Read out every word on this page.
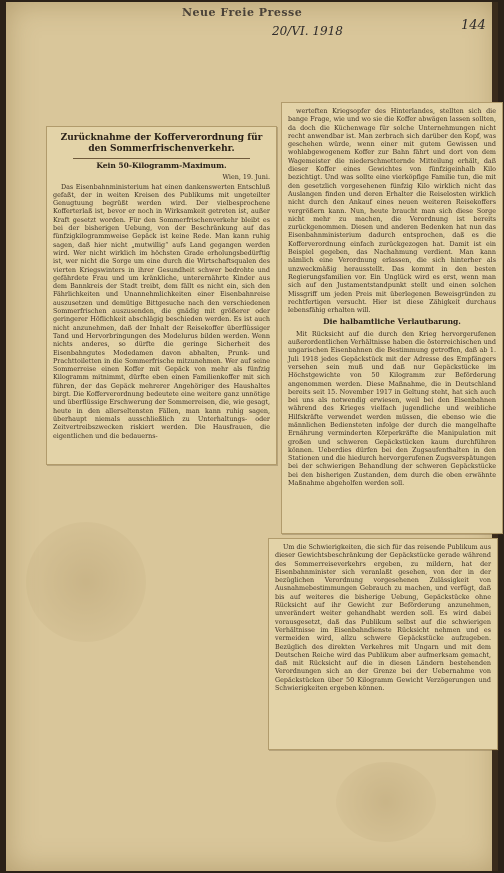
Neue Freie Presse
20/VI. 1918	144
Zurücknahme der Kofferverordnung für den Sommerfrischenverkehr.
Kein 50-Kilogramm-Maximum.
Wien, 19. Juni.

Das Eisenbahnministerium hat einen dankenswerten Entschluß gefaßt, der in weiten Kreisen des Publikums mit ungeteilter Genugtuung begrüßt werden wird. Der vielbesprochene Kofferterlaß ist, bevor er noch in Wirksamkeit getreten ist, außer Kraft gesetzt worden. Für den Sommerfrischenverkehr bleibt es bei der bisherigen Uebung, von der Beschränkung auf das fünfzigkilogrammweise Gepäck ist keine Rede. Man kann ruhig sagen, daß hier nicht „mutwillig“ aufs Land gegangen werden wird. Wer nicht wirklich im höchsten Grade erholungsbedürftig ist, wer nicht die Sorge um eine durch die Wirtschaftsqualen des vierten Kriegswinters in ihrer Gesundheit schwer bedrohte und gefährdete Frau und um kränkliche, unterernährte Kinder aus dem Bannkreis der Stadt treibt, dem fällt es nicht ein, sich den Fährlichkeiten und Unannehmlichkeiten einer Eisenbahnreise auszusetzen und demütige Bittgesuche nach den verschiedenen Sommerfrischen auszusenden, die gnädig mit größerer oder geringerer Höflichkeit abschlägig beschieden werden. Es ist auch nicht anzunehmen, daß der Inhalt der Reisekoffer überflüssiger Tand und Hervorbringungen des Modelurus bilden werden. Wenn nichts anderes, so dürfte die geringe Sicherheit des Eisenbahngutes Modedamen davon abhalten, Prunk- und Prachttoiletten in die Sommerfrische mitzunehmen. Wer auf seine Sommerreise einen Koffer mit Gepäck von mehr als fünfzig Kilogramm mitnimmt, dürfte eben einen Familienkoffer mit sich führen, der das Gepäck mehrerer Angehöriger des Haushaltes birgt. Die Kofferverordnung bedeutete eine weitere ganz unnötige und überflüssige Erschwerung der Sommerreisen, die, wie gesagt, heute in den allerseltensten Fällen, man kann ruhig sagen, überhaupt niemals ausschließlich zu Unterhaltungs- oder Zeitvertreibszwecken riskiert werden. Die Hausfrauen, die eigentlichen und die bedauerns-

werteften Kriegsopfer des Hinterlandes, stellten sich die bange Frage, wie und wo sie die Koffer abwägen lassen sollten, da doch die Küchenwage für solche Unternehmungen nicht recht anwendbar ist. Man zerbrach sich darüber den Kopf, was geschehen würde, wenn einer mit gutem Gewissen und wohlabgewogenem Koffer zur Bahn fährt und dort von dem Wagemeister die niederschmetternde Mitteilung erhält, daß dieser Koffer eines Gewichtes von fünfzigeinhalb Kilo bezichtigt. Und was sollte eine vierköpfige Familie tun, die mit den gesetzlich vorgesehenen fünfzig Kilo wirklich nicht das Auslangen finden und deren Erhalter die Reiselosten wirklich nicht durch den Ankauf eines neuen weiteren Reisekoffers vergrößern kann. Nun, heute braucht man sich diese Sorge nicht mehr zu machen, die Verordnung ist bereits zurückgenommen. Diesen und anderen Bedenken hat nun das Eisenbahnministerium dadurch entsprochen, daß es die Kofferverordnung einfach zurückgezogen hat. Damit ist ein Beispiel gegeben, das Nachahmung verdient. Man kann nämlich eine Verordnung erlassen, die sich hinterher als unzweckmäßig herausstellt. Das kommt in den besten Regierungsfamilien vor. Ein Unglück wird es erst, wenn man sich auf den Justamentstandpunkt stellt und einen solchen Missgriff um jeden Preis mit überlegenen Beweisgründen zu rechtfertigen versucht. Hier ist diese Zähigkeit durchaus lebensfähig erhalten will.

Die halbamtliche Verlautbarung.

Mit Rücksicht auf die durch den Krieg hervorgerufenen außerordentlichen Verhältnisse haben die österreichischen und ungarischen Eisenbahnen die Bestimmung getroffen, daß ab 1. Juli 1918 jedes Gepäckstück mit der Adresse des Empfängers versehen sein muß und daß nur Gepäckstücke im Höchstgewichte von 50 Kilogramm zur Beförderung angenommen werden. Diese Maßnahme, die in Deutschland bereits seit 15. November 1917 in Geltung steht, hat sich auch bei uns als notwendig erwiesen, weil bei den Eisenbahnen während des Krieges vielfach jugendliche und weibliche Hilfskräfte verwendet werden müssen, die ebenso wie die männlichen Bediensteten infolge der durch die mangelhafte Ernährung verminderten Körperkräfte die Manipulation mit großen und schweren Gepäckstücken kaum durchführen können. Ueberdies dürfen bei den Zugsaufenthalten in den Stationen und die hiedurch hervorgerufenen Zugsverspätungen bei der schwierigen Behandlung der schweren Gepäckstücke bei den bisherigen Zustanden, dem durch die oben erwähnte Maßnahme abgeholfen werden soll.

Um die Schwierigkeiten, die sich für das reisende Publikum aus dieser Gewichtsbeschränkung der Gepäckstücke gerade während des Sommerreiseverkehrs ergeben, zu mildern, hat der Eisenbahnminister sich veranlaßt gesehen, von der in der bezüglichen Verordnung vorgesehenen Zulässigkeit von Ausnahmebestimmungen Gebrauch zu machen, und verfügt, daß bis auf weiteres die bisherige Uebung, Gepäckstücke ohne Rücksicht auf ihr Gewicht zur Beförderung anzunehmen, unverändert weiter gehandhabt werden soll. Es wird dabei vorausgesetzt, daß das Publikum selbst auf die schwierigen Verhältnisse im Eisenbahndienste Rücksicht nehmen und es vermeiden wird, allzu schwere Gepäckstücke aufzugeben. Bezüglich des direkten Verkehres mit Ungarn und mit dem Deutschen Reiche wird das Publikum aber aufmerksam gemacht, daß mit Rücksicht auf die in diesen Ländern bestehenden Verordnungen sich an der Grenze bei der Uebernahme von Gepäckstücken über 50 Kilogramm Gewicht Verzögerungen und Schwierigkeiten ergeben können.
